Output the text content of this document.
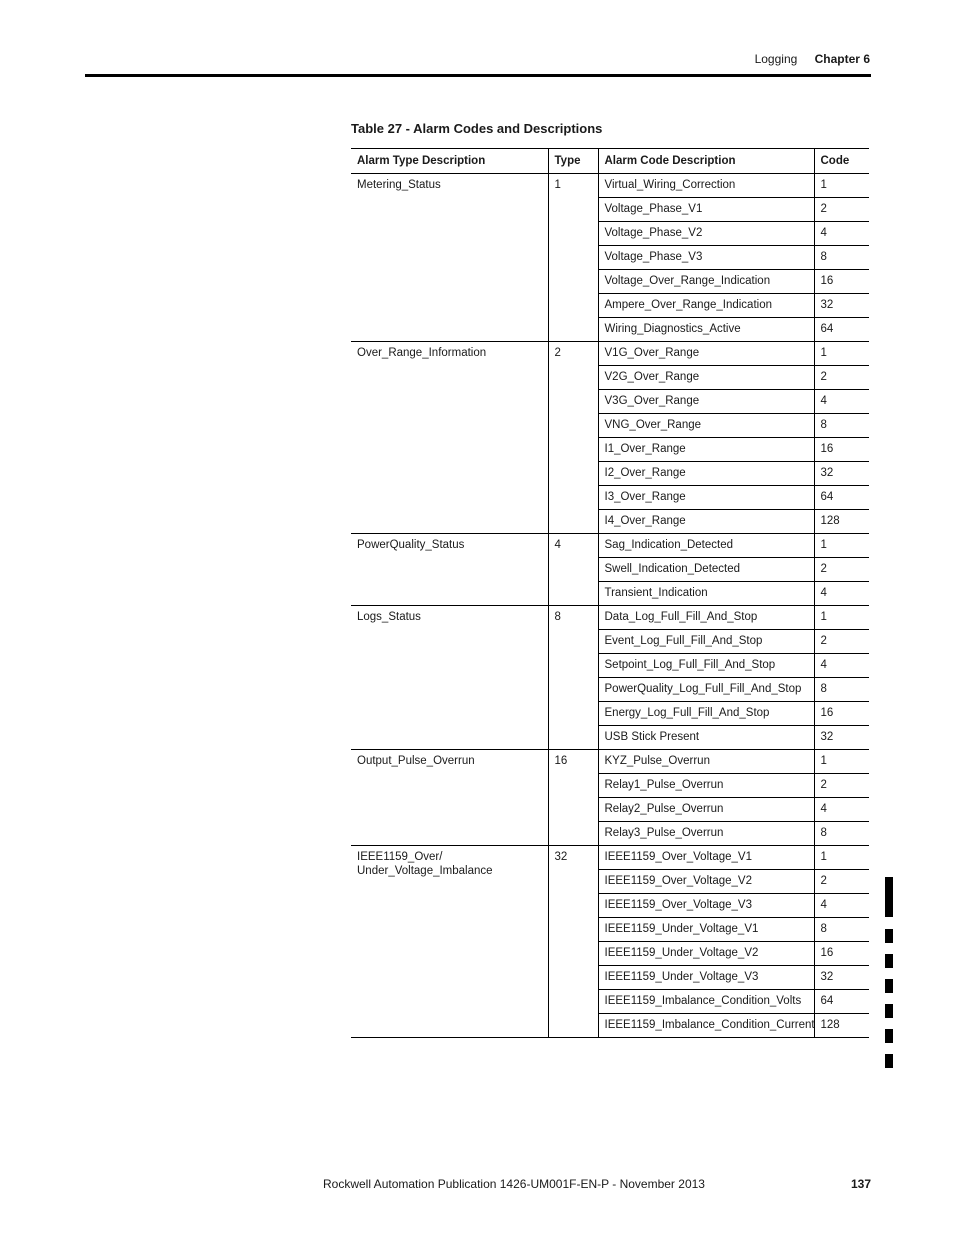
Logging Chapter 6
Table 27 - Alarm Codes and Descriptions
Alarm Type Description	Type	Alarm Code Description	Code
Metering_Status	1	Virtual_Wiring_Correction	1
		Voltage_Phase_V1	2
		Voltage_Phase_V2	4
		Voltage_Phase_V3	8
		Voltage_Over_Range_Indication	16
		Ampere_Over_Range_Indication	32
		Wiring_Diagnostics_Active	64
Over_Range_Information	2	V1G_Over_Range	1
		V2G_Over_Range	2
		V3G_Over_Range	4
		VNG_Over_Range	8
		I1_Over_Range	16
		I2_Over_Range	32
		I3_Over_Range	64
		I4_Over_Range	128
PowerQuality_Status	4	Sag_Indication_Detected	1
		Swell_Indication_Detected	2
		Transient_Indication	4
Logs_Status	8	Data_Log_Full_Fill_And_Stop	1
		Event_Log_Full_Fill_And_Stop	2
		Setpoint_Log_Full_Fill_And_Stop	4
		PowerQuality_Log_Full_Fill_And_Stop	8
		Energy_Log_Full_Fill_And_Stop	16
		USB Stick Present	32
Output_Pulse_Overrun	16	KYZ_Pulse_Overrun	1
		Relay1_Pulse_Overrun	2
		Relay2_Pulse_Overrun	4
		Relay3_Pulse_Overrun	8
IEEE1159_Over/
Under_Voltage_Imbalance	32	IEEE1159_Over_Voltage_V1	1
		IEEE1159_Over_Voltage_V2	2
		IEEE1159_Over_Voltage_V3	4
		IEEE1159_Under_Voltage_V1	8
		IEEE1159_Under_Voltage_V2	16
		IEEE1159_Under_Voltage_V3	32
		IEEE1159_Imbalance_Condition_Volts	64
		IEEE1159_Imbalance_Condition_Current	128
Rockwell Automation Publication 1426-UM001F-EN-P - November 2013	137
